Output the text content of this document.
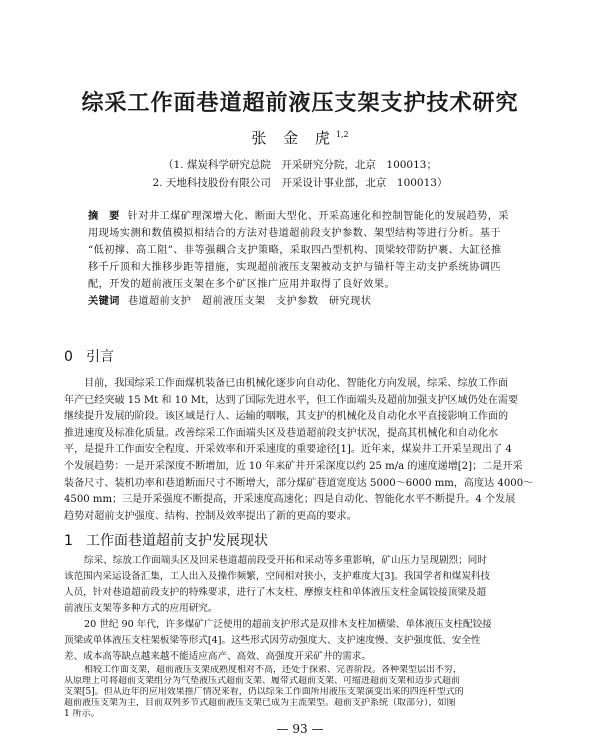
综采工作面巷道超前液压支架支护技术研究
张 金 虎$^{1,2}$
（1. 煤炭科学研究总院　开采研究分院，北京　100013；
2. 天地科技股份有限公司　开采设计事业部，北京　100013）
摘　要 针对井工煤矿理深增大化、断面大型化、开采高速化和控制智能化的发展趋势，采
用现场实测和数值模拟相结合的方法对巷道超前段支护参数、架型结构等进行分析。基于
“低初撑、高工阻”、非等强耦合支护策略，采取四凸型机构、顶梁较带防护裹、大缸径推
移千斤顶和大推移步距等措施，实现超前液压支架被动支护与锚杆等主动支护系统协调匹
配，开发的超前液压支架在多个矿区推广应用并取得了良好效果。
关键词 巷道超前支护　超前液压支架　支护参数　研究现状
0 引言
目前，我国综采工作面煤机装备已由机械化逐步向自动化、智能化方向发展，综采、综放工作面
年产已经突破 15 Mt 和 10 Mt，达到了国际先进水平，但工作面端头及超前加强支护区域仍处在需要
继续提升发展的阶段。该区域是行人、运输的咽喉，其支护的机械化及自动化水平直接影响工作面的
推进速度及标准化质量。改善综采工作面端头区及巷道超前段支护状况，提高其机械化和自动化水
平，是提升工作面安全程度、开采效率和开采速度的重要途径[1]。近年来，煤炭井工开采呈现出了 4
个发展趋势：一是开采深度不断增加，近 10 年来矿井开采深度以约 25 m/a 的速度递增[2]；二是开采
装备尺寸、装机功率和巷道断面尺寸不断增大，部分煤矿巷道宽度达 5000～6000 mm，高度达 4000～
4500 mm；三是开采强度不断提高，开采速度高速化；四是自动化、智能化水平不断提升。4 个发展
趋势对超前支护强度、结构、控制及效率提出了新的更高的要求。
1 工作面巷道超前支护发展现状
综采、综放工作面端头区及回采巷道超前段受开拓和采动等多重影响，矿山压力呈现剧烈；同时
该范围内采运设备汇集，工人出入及操作频繁，空间相对狭小，支护难度大[3]。我国学者和煤炭科技
人员，针对巷道超前段支护的特殊要求，进行了木支柱、摩擦支柱和单体液压支柱金属铰接顶梁及超
前液压支架等多种方式的应用研究。
20 世纪 90 年代，许多煤矿广泛使用的超前支护形式是双排木支柱加横梁、单体液压支柱配铰接
顶梁或单体液压支柱架板梁等形式[4]。这些形式因劳动强度大、支护速度慢、支护强度低、安全性
差、成本高等缺点越来越不能适应高产、高效、高强度开采矿井的需求。
— 93 —
相较工作面支架，超前液压支架成熟度相对不高，还处于探索、完善阶段。各种架型层出不穷，
从原理上可将超前支架组分为气垫液压式超前支架、履带式超前支架、可缩进超前支架和迈步式超前
支架[5]。但从近年的应用效果推广情况来看，仍以综采工作面所用液压支架演变出来的四连杆型式的
超前液压支架为主，目前双列多节式超前液压支架已成为主流架型。超前支护系统（取部分），如图
1 所示。
